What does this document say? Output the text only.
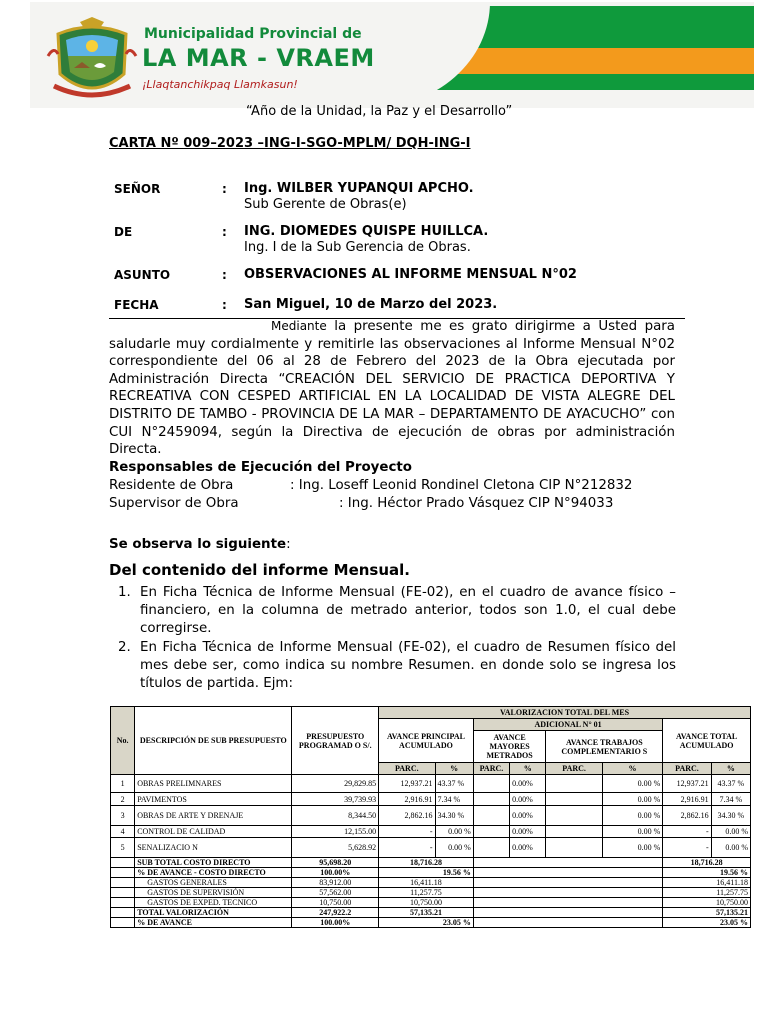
Municipalidad Provincial de
LA MAR - VRAEM
¡Llaqtanchikpaq Llamkasun!
“Año de la Unidad, la Paz y el Desarrollo”
CARTA Nº 009–2023 –ING-I-SGO-MPLM/ DQH-ING-I
SEÑOR	: Ing. WILBER YUPANQUI APCHO.
Sub Gerente de Obras(e)
DE	: ING. DIOMEDES QUISPE HUILLCA.
Ing. I de la Sub Gerencia de Obras.
ASUNTO	: OBSERVACIONES AL INFORME MENSUAL N°02
FECHA	: San Miguel, 10 de Marzo del 2023.
Mediante la presente me es grato dirigirme a Usted para saludarle muy cordialmente y remitirle las observaciones al Informe Mensual N°02 correspondiente del 06 al 28 de Febrero del 2023 de la Obra ejecutada por Administración Directa “CREACIÓN DEL SERVICIO DE PRACTICA DEPORTIVA Y RECREATIVA CON CESPED ARTIFICIAL EN LA LOCALIDAD DE VISTA ALEGRE DEL DISTRITO DE TAMBO - PROVINCIA DE LA MAR – DEPARTAMENTO DE AYACUCHO” con CUI N°2459094, según la Directiva de ejecución de obras por administración Directa.
Responsables de Ejecución del Proyecto
Residente de Obra	: Ing. Loseff Leonid Rondinel Cletona CIP N°212832
Supervisor de Obra	: Ing. Héctor Prado Vásquez CIP N°94033
Se observa lo siguiente:
Del contenido del informe Mensual.
1. En Ficha Técnica de Informe Mensual (FE-02), en el cuadro de avance físico – financiero, en la columna de metrado anterior, todos son 1.0, el cual debe corregirse.
2. En Ficha Técnica de Informe Mensual (FE-02), el cuadro de Resumen físico del mes debe ser, como indica su nombre Resumen. en donde solo se ingresa los títulos de partida. Ejm:
No.	DESCRIPCIÓN DE SUB PRESUPUESTO	PRESUPUESTO PROGRAMAD O S/.	VALORIZACION TOTAL DEL MES							
			AVANCE PRINCIPAL ACUMULADO		ADICIONAL N° 01				AVANCE TOTAL ACUMULADO	
					AVANCE MAYORES METRADOS		AVANCE TRABAJOS COMPLEMENTARIO S			
			PARC.	%	PARC.	%	PARC.	%	PARC.	%
1	OBRAS PRELIMNARES	29,829.85	12,937.21	43.37 %		0.00%		0.00 %	12,937.21	43.37 %
2	PAVIMENTOS	39,739.93	2,916.91	7.34 %		0.00%		0.00 %	2,916.91	7.34 %
3	OBRAS DE ARTE Y DRENAJE	8,344.50	2,862.16	34.30 %		0.00%		0.00 %	2,862.16	34.30 %
4	CONTROL DE CALIDAD	12,155.00	-	0.00 %		0.00%		0.00 %	-	0.00 %
5	SENALIZACIO N	5,628.92	-	0.00 %		0.00%		0.00 %	-	0.00 %
	SUB TOTAL COSTO DIRECTO	95,698.20	18,716.28						18,716.28	
	% DE AVANCE - COSTO DIRECTO	100.00%	19.56 %						19.56 %	
	GASTOS GENERALES	83,912.00	16,411.18						16,411.18	
	GASTOS DE SUPERVISIÓN	57,562.00	11,257.75						11,257.75	
	GASTOS DE EXPED. TECNICO	10,750.00	10,750.00						10,750.00	
	TOTAL VALORIZACIÓN	247,922.2	57,135.21						57,135.21	
	% DE AVANCE	100.00%	23.05 %						23.05 %	
